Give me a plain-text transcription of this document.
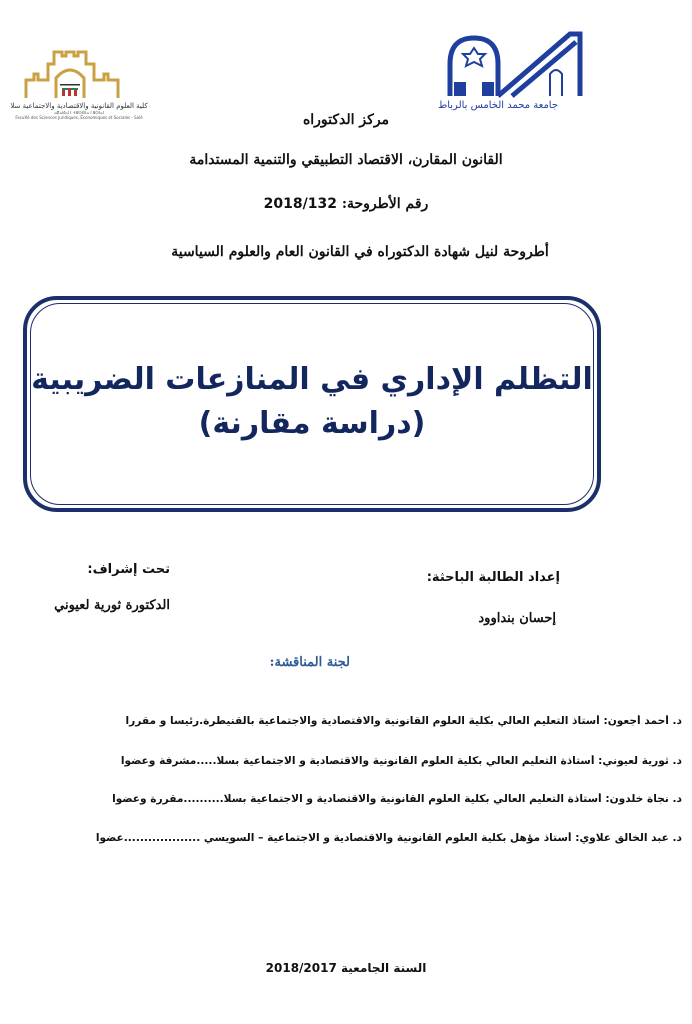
كلية العلوم القانونية والاقتصادية والاجتماعية سلا
ⴰⴽⴰⵍⴰⵏ ⵏ ⵜⵓⵙⵙⵏⴰ ⵏ ⵓⵙⵏⴰⵏ
Faculté des Sciences Juridiques, Économiques et Sociales - Salé
جامعة محمد الخامس بالرباط
مركز الدكتوراه
القانون المقارن، الاقتصاد التطبيقي والتنمية المستدامة
رقم الأطروحة: 2018/132
أطروحة لنيل شهادة الدكتوراه في القانون العام والعلوم السياسية
التظلم الإداري في المنازعات الضريبية
(دراسة مقارنة)
تحت إشراف:
الدكتورة ثورية لعيوني
إعداد الطالبة الباحثة:
إحسان بنداوود
لجنة المناقشة:
د. أحمد أجعون: أستاذ التعليم العالي بكلية العلوم القانونية والاقتصادية والاجتماعية بالقنيطرة.رئيسا و مقررا
د. ثورية لعيوني: أستاذة التعليم العالي بكلية العلوم القانونية والاقتصادية و الاجتماعية بسلا.....مشرفة وعضوا
د. نجاة خلدون: أستاذة التعليم العالي بكلية العلوم القانونية والاقتصادية و الاجتماعية بسلا..........مقررة وعضوا
د. عبد الخالق علاوي: أستاذ مؤهل بكلية العلوم القانونية والاقتصادية و الاجتماعية – السويسي ...................عضوا
السنة الجامعية 2018/2017
